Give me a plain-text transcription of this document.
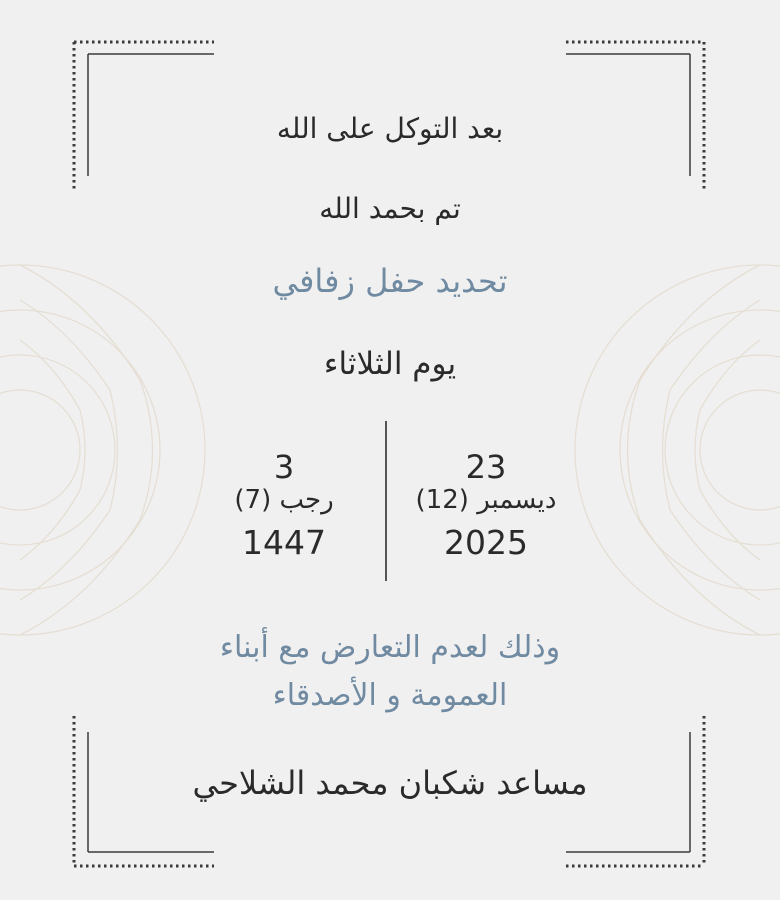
بعد التوكل على الله
تم بحمد الله
تحديد حفل زفافي
يوم الثلاثاء
3
رجب (7)
1447
23
ديسمبر (12)
2025
وذلك لعدم التعارض مع أبناء
العمومة و الأصدقاء
مساعد شكبان محمد الشلاحي
